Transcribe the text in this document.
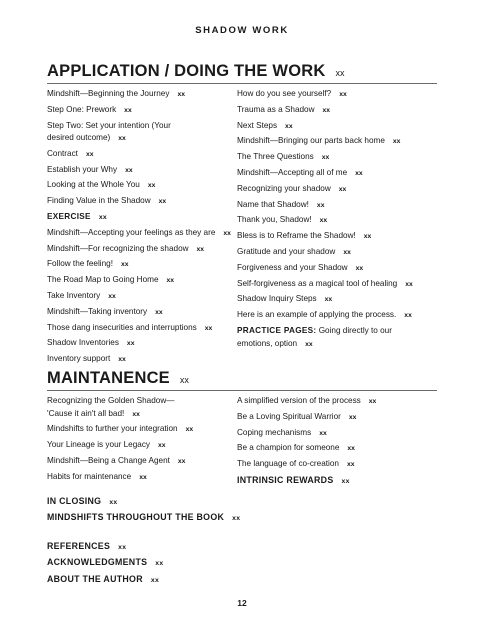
SHADOW WORK
APPLICATION / DOING THE WORK xx
Mindshift—Beginning the Journey xx
Step One: Prework xx
Step Two: Set your intention (Your desired outcome) xx
Contract xx
Establish your Why xx
Looking at the Whole You xx
Finding Value in the Shadow xx
EXERCISE xx
Mindshift—Accepting your feelings as they are xx
Mindshift—For recognizing the shadow xx
Follow the feeling! xx
The Road Map to Going Home xx
Take Inventory xx
Mindshift—Taking inventory xx
Those dang insecurities and interruptions xx
Shadow Inventories xx
Inventory support xx
How do you see yourself? xx
Trauma as a Shadow xx
Next Steps xx
Mindshift—Bringing our parts back home xx
The Three Questions xx
Mindshift—Accepting all of me xx
Recognizing your shadow xx
Name that Shadow! xx
Thank you, Shadow! xx
Bless is to Reframe the Shadow! xx
Gratitude and your shadow xx
Forgiveness and your Shadow xx
Self-forgiveness as a magical tool of healing xx
Shadow Inquiry Steps xx
Here is an example of applying the process. xx
PRACTICE PAGES: Going directly to our emotions, option xx
MAINTANENCE xx
Recognizing the Golden Shadow— 'Cause it ain't all bad! xx
Mindshifts to further your integration xx
Your Lineage is your Legacy xx
Mindshift—Being a Change Agent xx
Habits for maintenance xx
A simplified version of the process xx
Be a Loving Spiritual Warrior xx
Coping mechanisms xx
Be a champion for someone xx
The language of co-creation xx
INTRINSIC REWARDS xx
IN CLOSING xx
MINDSHIFTS THROUGHOUT THE BOOK xx
REFERENCES xx
ACKNOWLEDGMENTS xx
ABOUT THE AUTHOR xx
12
